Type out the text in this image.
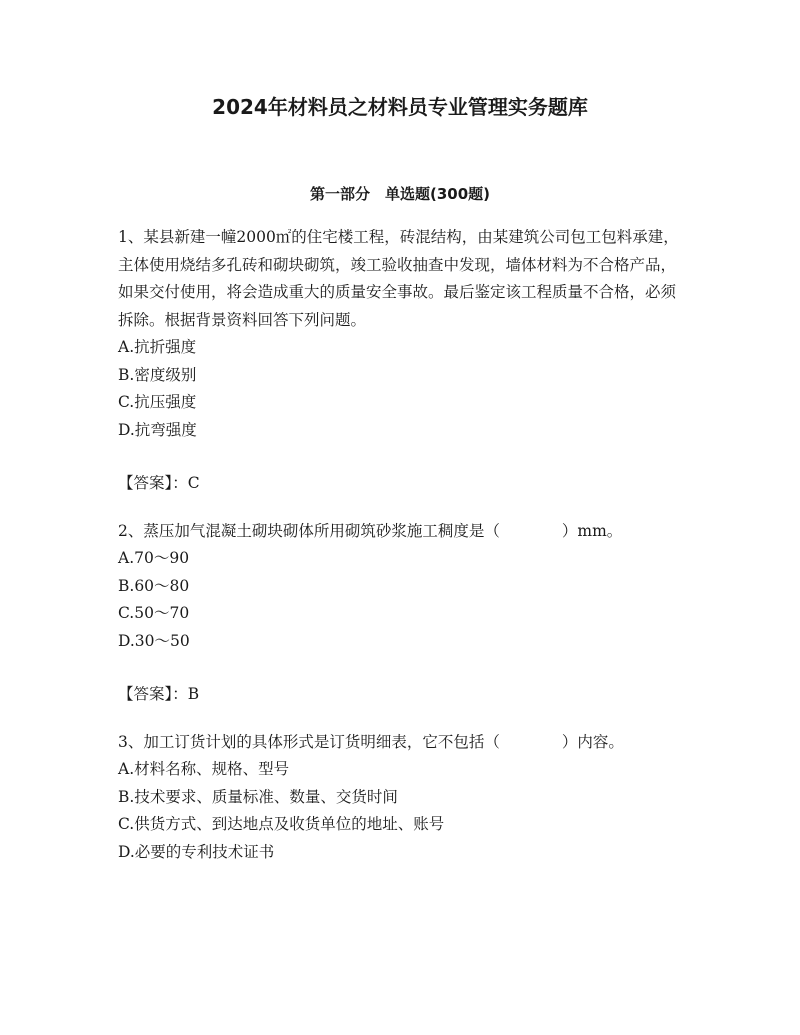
2024年材料员之材料员专业管理实务题库
第一部分　单选题(300题)

1、某县新建一幢2000㎡的住宅楼工程，砖混结构，由某建筑公司包工包料承建，主体使用烧结多孔砖和砌块砌筑，竣工验收抽查中发现，墙体材料为不合格产品，如果交付使用，将会造成重大的质量安全事故。最后鉴定该工程质量不合格，必须拆除。根据背景资料回答下列问题。

A.抗折强度
B.密度级别
C.抗压强度
D.抗弯强度

【答案】：C

2、蒸压加气混凝土砌块砌体所用砌筑砂浆施工稠度是（	）mm。

A.70～90
B.60～80
C.50～70
D.30～50

【答案】：B

3、加工订货计划的具体形式是订货明细表，它不包括（	）内容。

A.材料名称、规格、型号
B.技术要求、质量标准、数量、交货时间
C.供货方式、到达地点及收货单位的地址、账号
D.必要的专利技术证书
